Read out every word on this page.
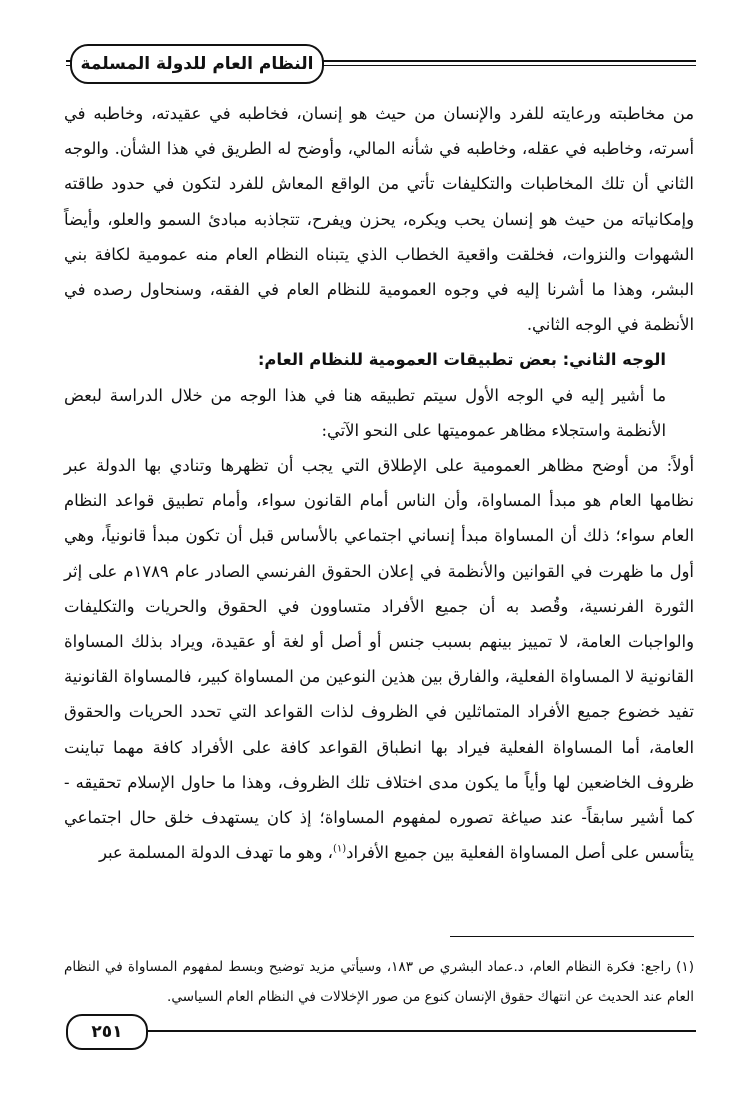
النظام العام للدولة المسلمة

من مخاطبته ورعايته للفرد والإنسان من حيث هو إنسان، فخاطبه في عقيدته، وخاطبه في أسرته، وخاطبه في عقله، وخاطبه في شأنه المالي، وأوضح له الطريق في هذا الشأن. والوجه الثاني أن تلك المخاطبات والتكليفات تأتي من الواقع المعاش للفرد لتكون في حدود طاقته وإمكانياته من حيث هو إنسان يحب ويكره، يحزن ويفرح، تتجاذبه مبادئ السمو والعلو، وأيضاً الشهوات والنزوات، فخلقت واقعية الخطاب الذي يتبناه النظام العام منه عمومية لكافة بني البشر، وهذا ما أشرنا إليه في وجوه العمومية للنظام العام في الفقه، وسنحاول رصده في الأنظمة في الوجه الثاني.

الوجه الثاني: بعض تطبيقات العمومية للنظام العام:

ما أشير إليه في الوجه الأول سيتم تطبيقه هنا في هذا الوجه من خلال الدراسة لبعض الأنظمة واستجلاء مظاهر عموميتها على النحو الآتي:

أولاً: من أوضح مظاهر العمومية على الإطلاق التي يجب أن تظهرها وتنادي بها الدولة عبر نظامها العام هو مبدأ المساواة، وأن الناس أمام القانون سواء، وأمام تطبيق قواعد النظام العام سواء؛ ذلك أن المساواة مبدأ إنساني اجتماعي بالأساس قبل أن تكون مبدأ قانونياً، وهي أول ما ظهرت في القوانين والأنظمة في إعلان الحقوق الفرنسي الصادر عام ١٧٨٩م على إثر الثورة الفرنسية، وقُصد به أن جميع الأفراد متساوون في الحقوق والحريات والتكليفات والواجبات العامة، لا تمييز بينهم بسبب جنس أو أصل أو لغة أو عقيدة، ويراد بذلك المساواة القانونية لا المساواة الفعلية، والفارق بين هذين النوعين من المساواة كبير، فالمساواة القانونية تفيد خضوع جميع الأفراد المتماثلين في الظروف لذات القواعد التي تحدد الحريات والحقوق العامة، أما المساواة الفعلية فيراد بها انطباق القواعد كافة على الأفراد كافة مهما تباينت ظروف الخاضعين لها وأياً ما يكون مدى اختلاف تلك الظروف، وهذا ما حاول الإسلام تحقيقه - كما أشير سابقاً- عند صياغة تصوره لمفهوم المساواة؛ إذ كان يستهدف خلق حال اجتماعي يتأسس على أصل المساواة الفعلية بين جميع الأفراد$^{(١)}$، وهو ما تهدف الدولة المسلمة عبر

(١) راجع: فكرة النظام العام، د.عماد البشري ص ١٨٣، وسيأتي مزيد توضيح وبسط لمفهوم المساواة في النظام العام عند الحديث عن انتهاك حقوق الإنسان كنوع من صور الإخلالات في النظام العام السياسي.

٢٥١
